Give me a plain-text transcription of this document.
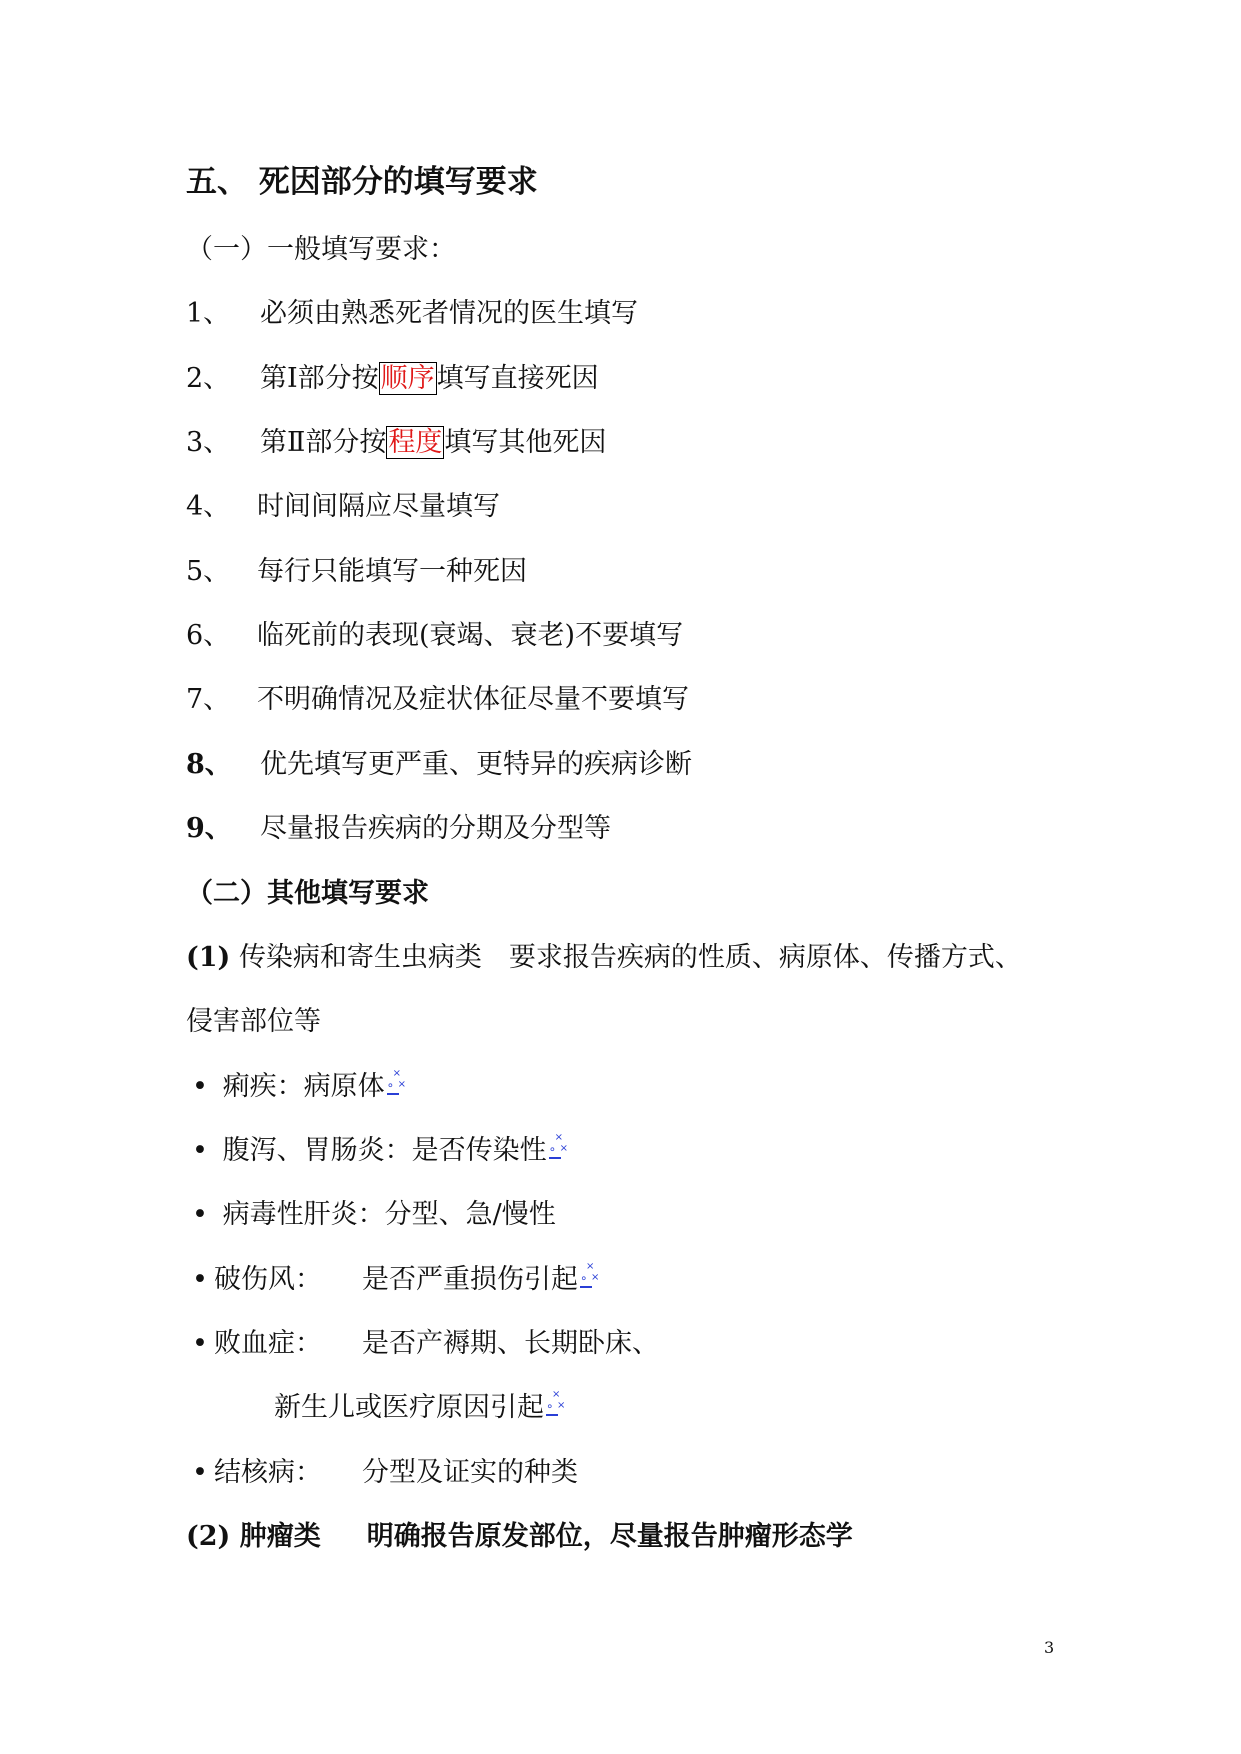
五、 死因部分的填写要求
（一）一般填写要求：
1、 必须由熟悉死者情况的医生填写
2、 第Ⅰ部分按顺序填写直接死因
3、 第Ⅱ部分按程度填写其他死因
4、 时间间隔应尽量填写
5、 每行只能填写一种死因
6、 临死前的表现(衰竭、衰老)不要填写
7、 不明确情况及症状体征尽量不要填写
8、 优先填写更严重、更特异的疾病诊断
9、 尽量报告疾病的分期及分型等
（二）其他填写要求
(1) 传染病和寄生虫病类　要求报告疾病的性质、病原体、传播方式、
侵害部位等
• 痢疾：病原体 ∘
×
×
• 腹泻、胃肠炎：是否传染性 ∘
×
×
• 病毒性肝炎：分型、急/慢性
• 破伤风： 是否严重损伤引起 ∘
×
×
• 败血症： 是否产褥期、长期卧床、
新生儿或医疗原因引起 ∘
×
×
• 结核病： 分型及证实的种类
(2) 肿瘤类 明确报告原发部位，尽量报告肿瘤形态学
3
